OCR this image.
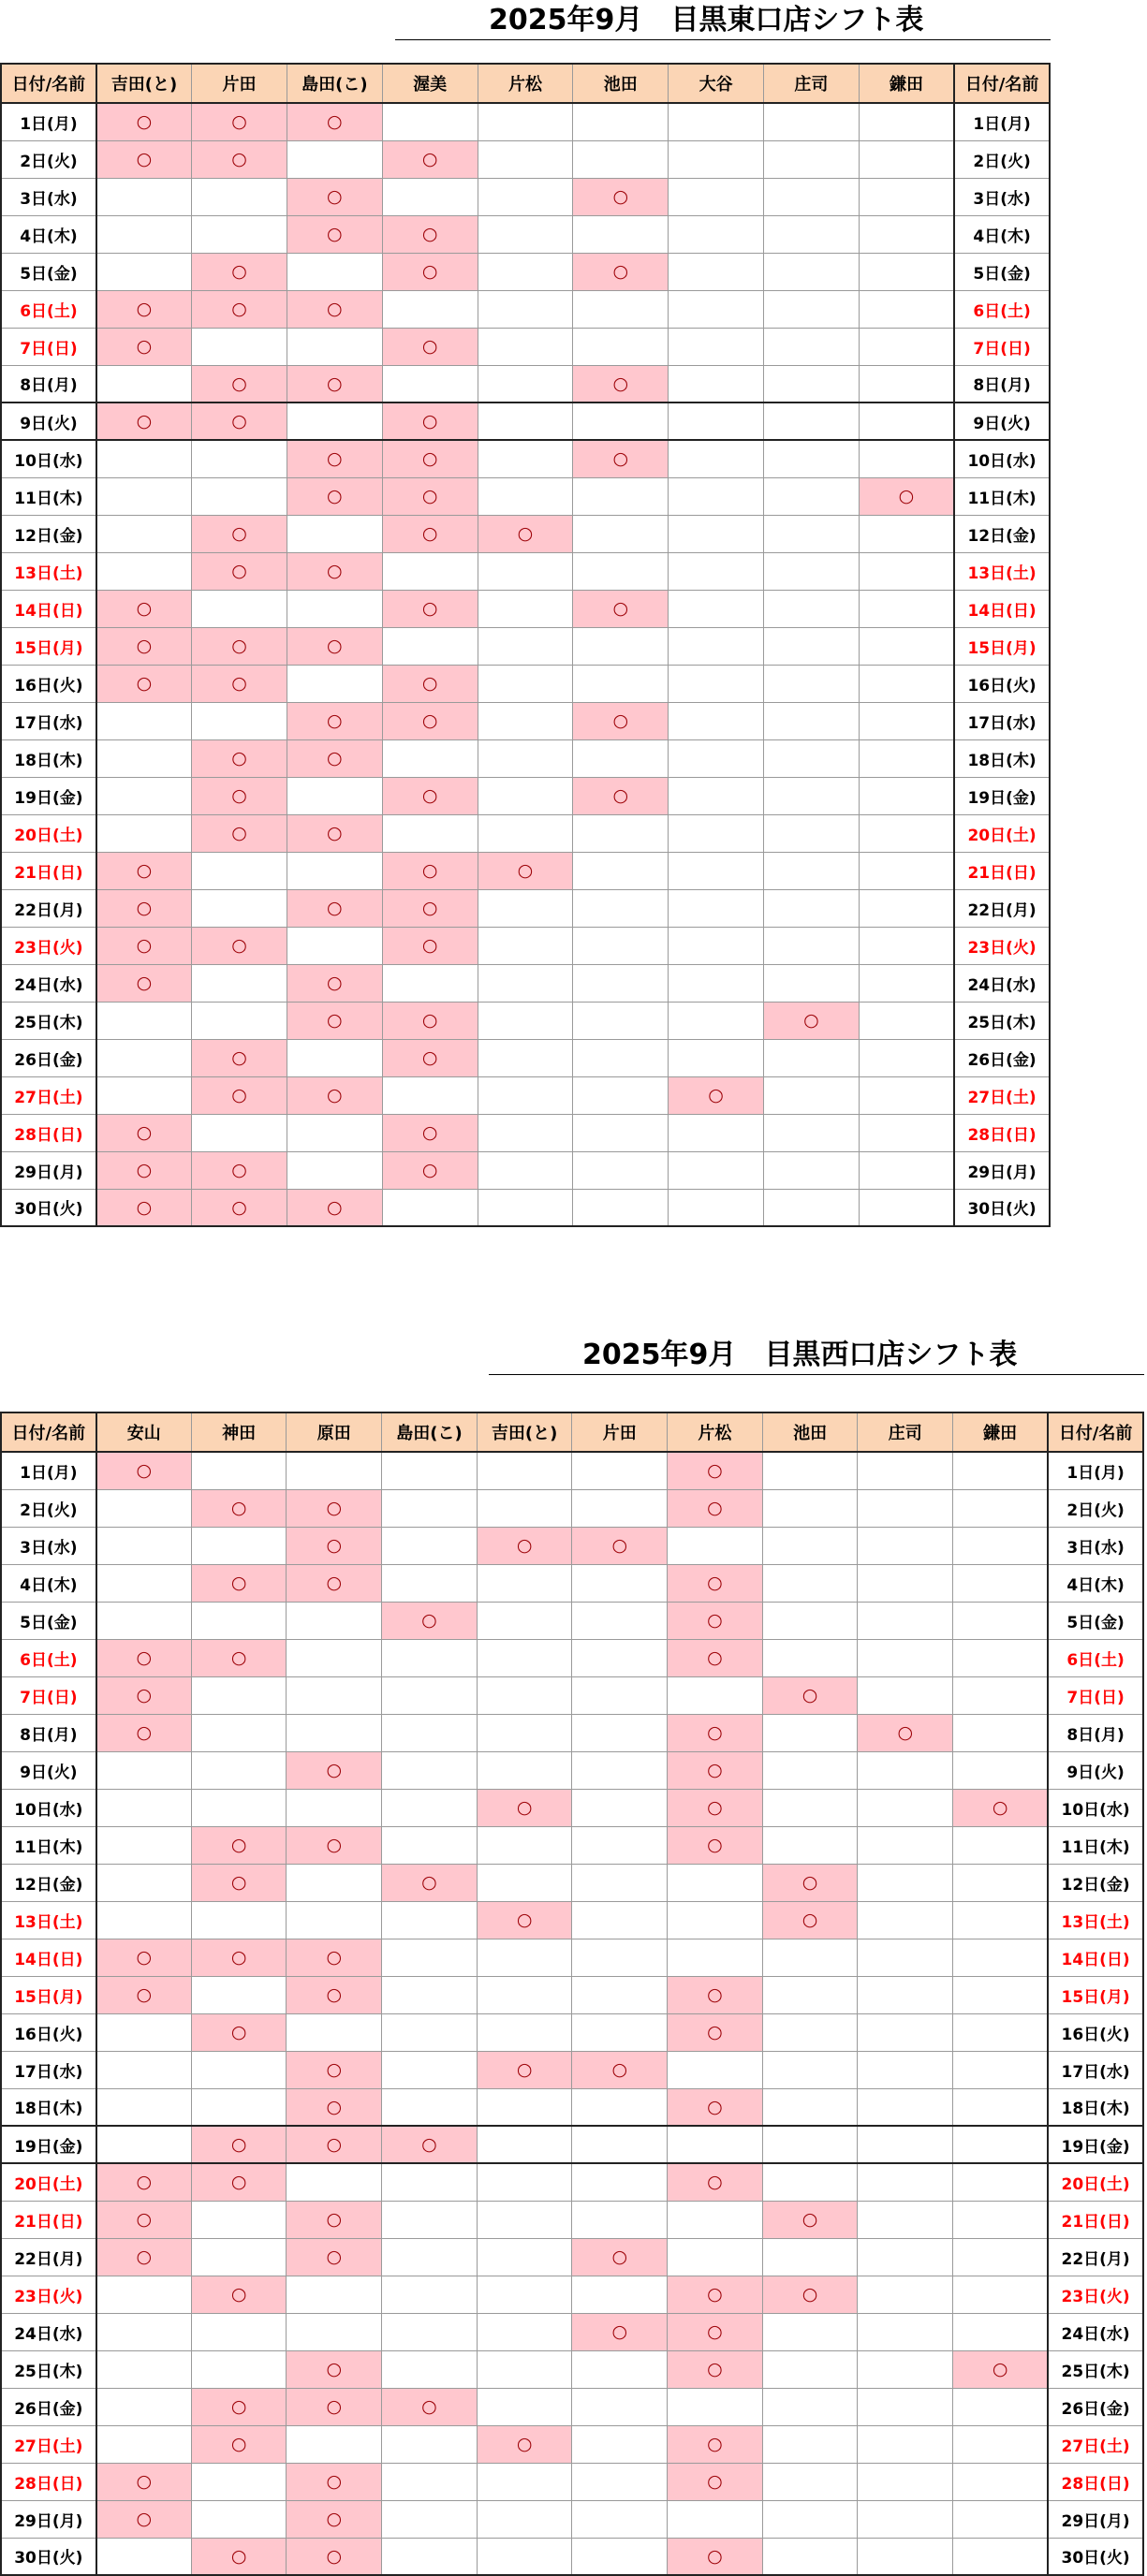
2025年9月　目黒東口店シフト表
日付/名前	吉田(と)	片田	島田(こ)	渥美	片松	池田	大谷	庄司	鎌田	日付/名前
1日(月)	○	○	○							1日(月)
2日(火)	○	○		○						2日(火)
3日(水)			○			○				3日(水)
4日(木)			○	○						4日(木)
5日(金)		○		○		○				5日(金)
6日(土)	○	○	○							6日(土)
7日(日)	○			○						7日(日)
8日(月)		○	○			○				8日(月)
9日(火)	○	○		○						9日(火)
10日(水)			○	○		○				10日(水)
11日(木)			○	○					○	11日(木)
12日(金)		○		○	○					12日(金)
13日(土)		○	○							13日(土)
14日(日)	○			○		○				14日(日)
15日(月)	○	○	○							15日(月)
16日(火)	○	○		○						16日(火)
17日(水)			○	○		○				17日(水)
18日(木)		○	○							18日(木)
19日(金)		○		○		○				19日(金)
20日(土)		○	○							20日(土)
21日(日)	○			○	○					21日(日)
22日(月)	○		○	○						22日(月)
23日(火)	○	○		○						23日(火)
24日(水)	○		○							24日(水)
25日(木)			○	○				○		25日(木)
26日(金)		○		○						26日(金)
27日(土)		○	○				○			27日(土)
28日(日)	○			○						28日(日)
29日(月)	○	○		○						29日(月)
30日(火)	○	○	○							30日(火)
2025年9月　目黒西口店シフト表
日付/名前	安山	神田	原田	島田(こ)	吉田(と)	片田	片松	池田	庄司	鎌田	日付/名前
1日(月)	○						○				1日(月)
2日(火)		○	○				○				2日(火)
3日(水)			○		○	○					3日(水)
4日(木)		○	○				○				4日(木)
5日(金)				○			○				5日(金)
6日(土)	○	○					○				6日(土)
7日(日)	○							○			7日(日)
8日(月)	○						○		○		8日(月)
9日(火)			○				○				9日(火)
10日(水)					○		○			○	10日(水)
11日(木)		○	○				○				11日(木)
12日(金)		○		○				○			12日(金)
13日(土)					○			○			13日(土)
14日(日)	○	○	○								14日(日)
15日(月)	○		○				○				15日(月)
16日(火)		○					○				16日(火)
17日(水)			○		○	○					17日(水)
18日(木)			○				○				18日(木)
19日(金)		○	○	○							19日(金)
20日(土)	○	○					○				20日(土)
21日(日)	○		○					○			21日(日)
22日(月)	○		○			○					22日(月)
23日(火)		○					○	○			23日(火)
24日(水)						○	○				24日(水)
25日(木)			○				○			○	25日(木)
26日(金)		○	○	○							26日(金)
27日(土)		○			○		○				27日(土)
28日(日)	○		○				○				28日(日)
29日(月)	○		○								29日(月)
30日(火)		○	○				○				30日(火)
